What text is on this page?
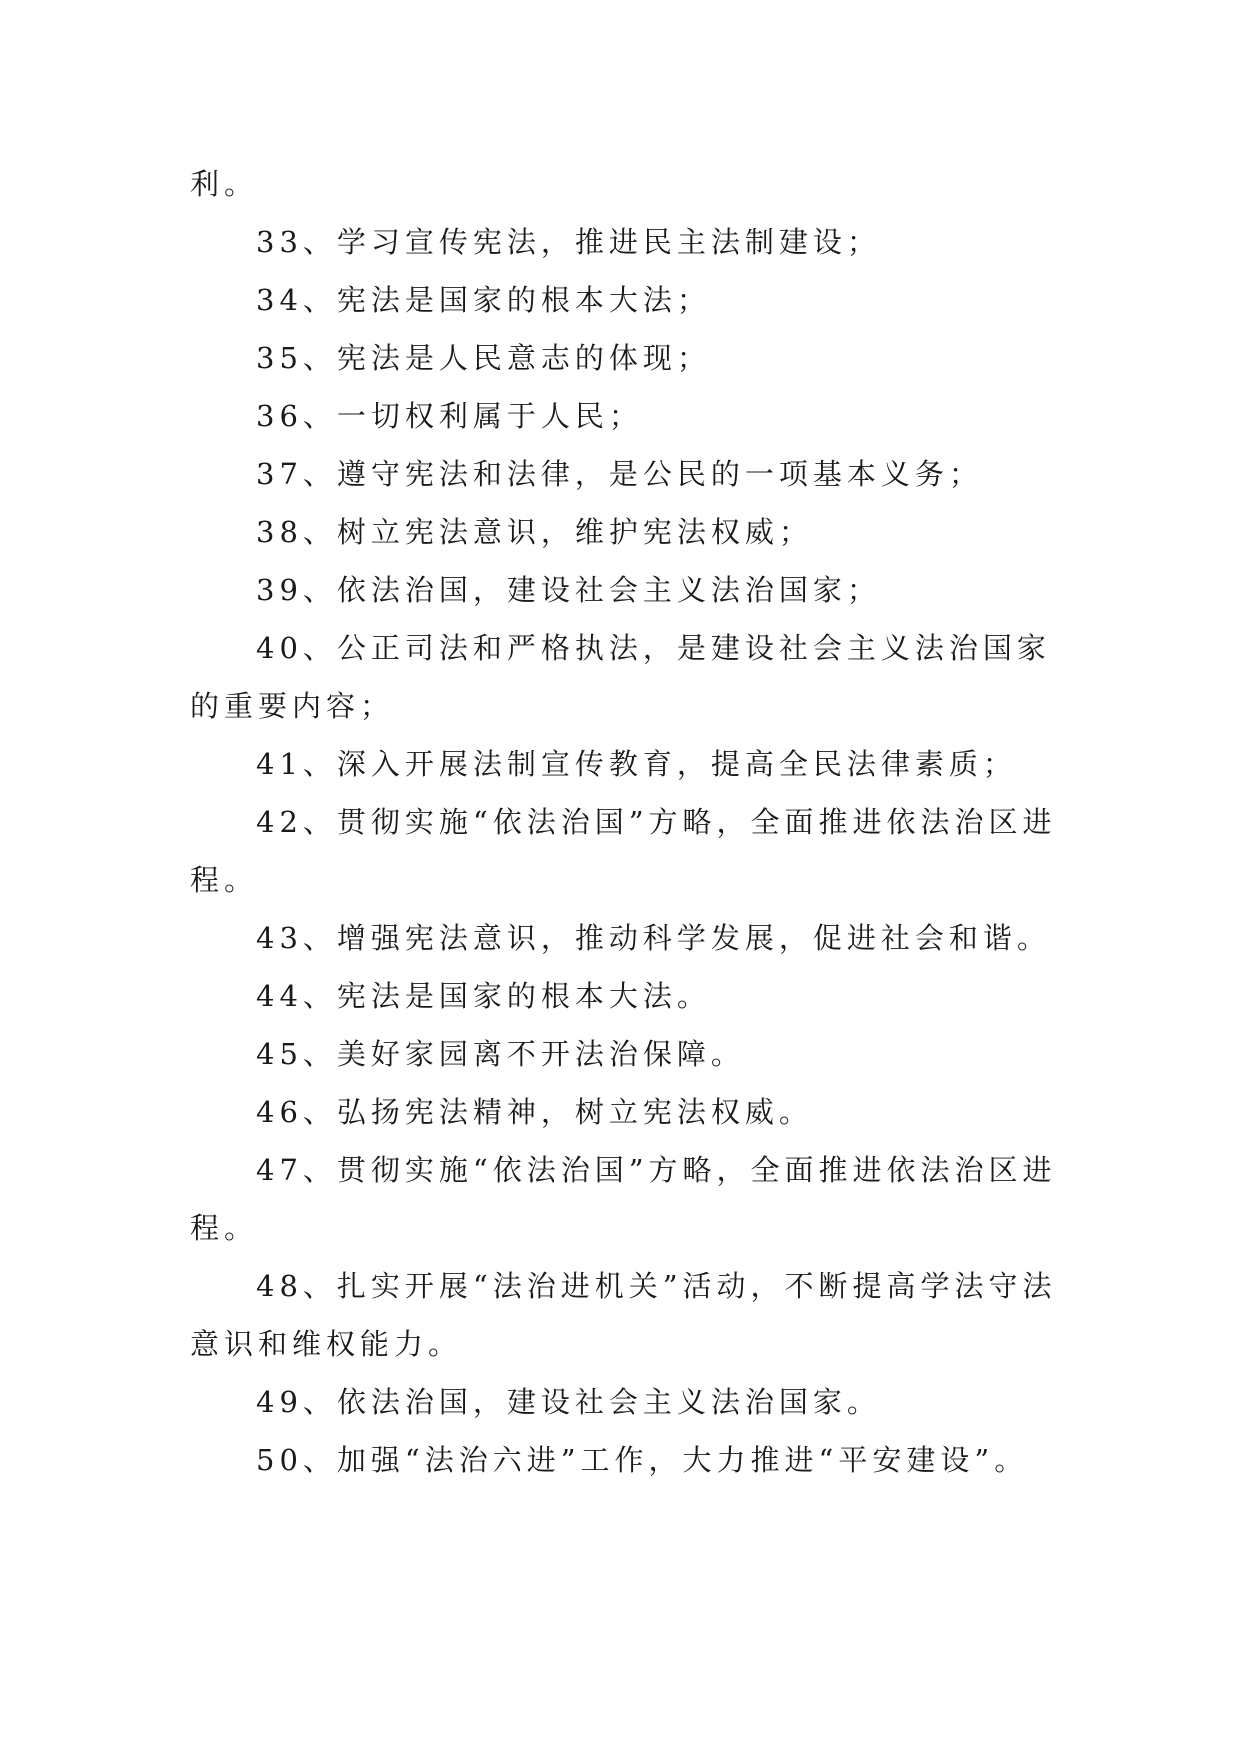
利。

33、学习宣传宪法，推进民主法制建设；

34、宪法是国家的根本大法；

35、宪法是人民意志的体现；

36、一切权利属于人民；

37、遵守宪法和法律，是公民的一项基本义务；

38、树立宪法意识，维护宪法权威；

39、依法治国，建设社会主义法治国家；

40、公正司法和严格执法，是建设社会主义法治国家的重要内容；

41、深入开展法制宣传教育，提高全民法律素质；

42、贯彻实施“依法治国”方略，全面推进依法治区进程。

43、增强宪法意识，推动科学发展，促进社会和谐。

44、宪法是国家的根本大法。

45、美好家园离不开法治保障。

46、弘扬宪法精神，树立宪法权威。

47、贯彻实施“依法治国”方略，全面推进依法治区进程。

48、扎实开展“法治进机关”活动，不断提高学法守法意识和维权能力。

49、依法治国，建设社会主义法治国家。

50、加强“法治六进”工作，大力推进“平安建设”。
